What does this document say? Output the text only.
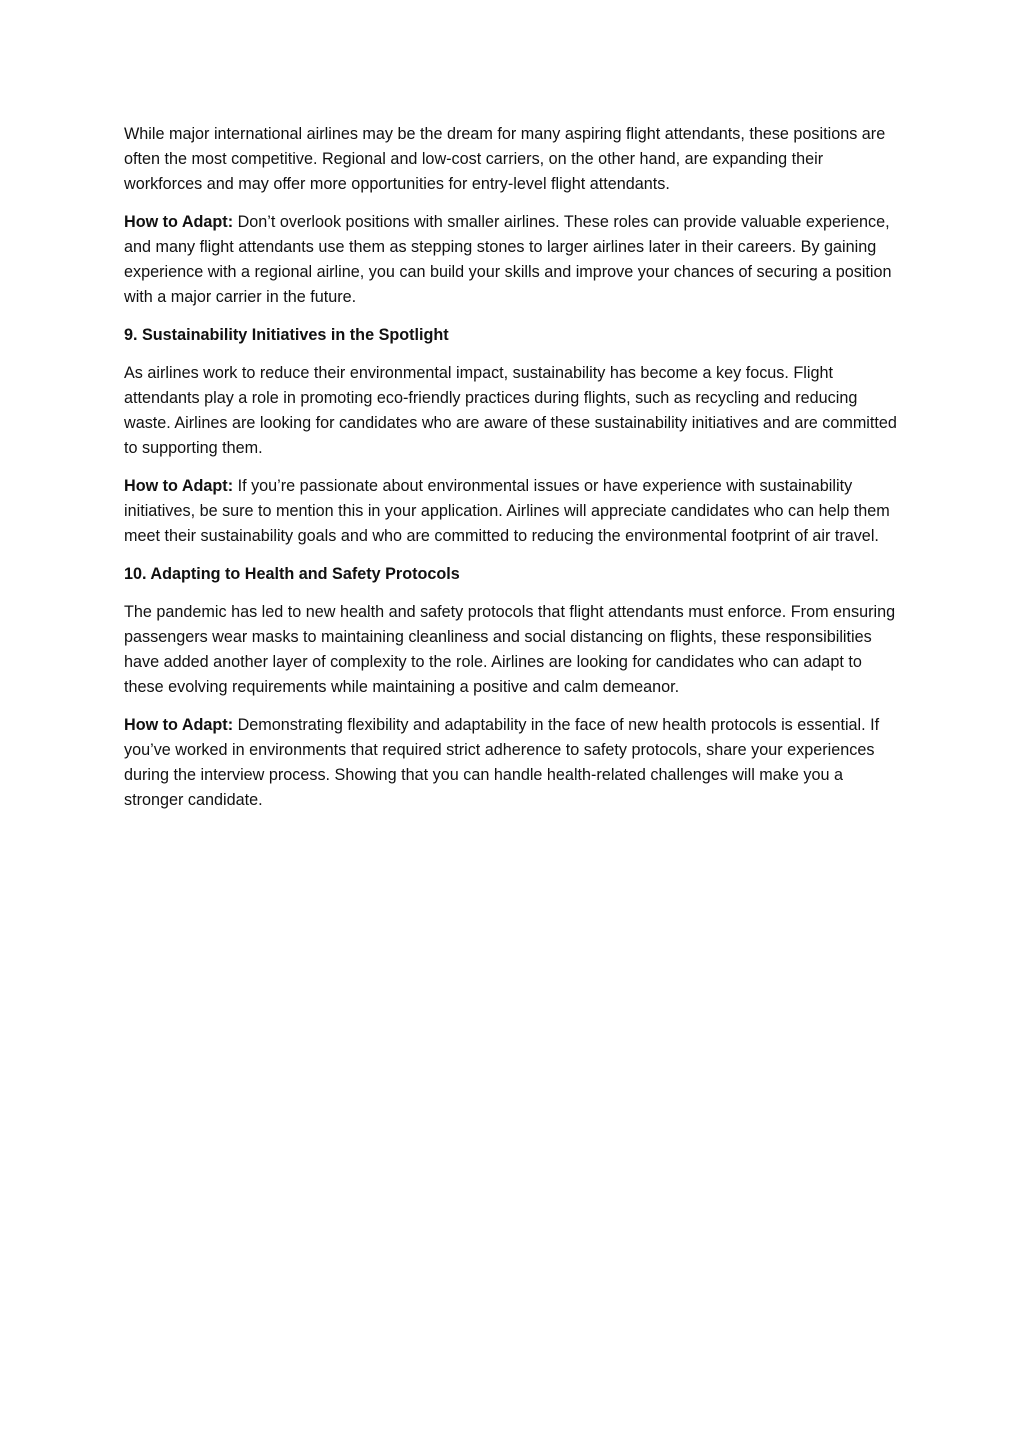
While major international airlines may be the dream for many aspiring flight attendants, these positions are often the most competitive. Regional and low-cost carriers, on the other hand, are expanding their workforces and may offer more opportunities for entry-level flight attendants.

How to Adapt: Don’t overlook positions with smaller airlines. These roles can provide valuable experience, and many flight attendants use them as stepping stones to larger airlines later in their careers. By gaining experience with a regional airline, you can build your skills and improve your chances of securing a position with a major carrier in the future.

9. Sustainability Initiatives in the Spotlight

As airlines work to reduce their environmental impact, sustainability has become a key focus. Flight attendants play a role in promoting eco-friendly practices during flights, such as recycling and reducing waste. Airlines are looking for candidates who are aware of these sustainability initiatives and are committed to supporting them.

How to Adapt: If you’re passionate about environmental issues or have experience with sustainability initiatives, be sure to mention this in your application. Airlines will appreciate candidates who can help them meet their sustainability goals and who are committed to reducing the environmental footprint of air travel.

10. Adapting to Health and Safety Protocols

The pandemic has led to new health and safety protocols that flight attendants must enforce. From ensuring passengers wear masks to maintaining cleanliness and social distancing on flights, these responsibilities have added another layer of complexity to the role. Airlines are looking for candidates who can adapt to these evolving requirements while maintaining a positive and calm demeanor.

How to Adapt: Demonstrating flexibility and adaptability in the face of new health protocols is essential. If you’ve worked in environments that required strict adherence to safety protocols, share your experiences during the interview process. Showing that you can handle health-related challenges will make you a stronger candidate.
